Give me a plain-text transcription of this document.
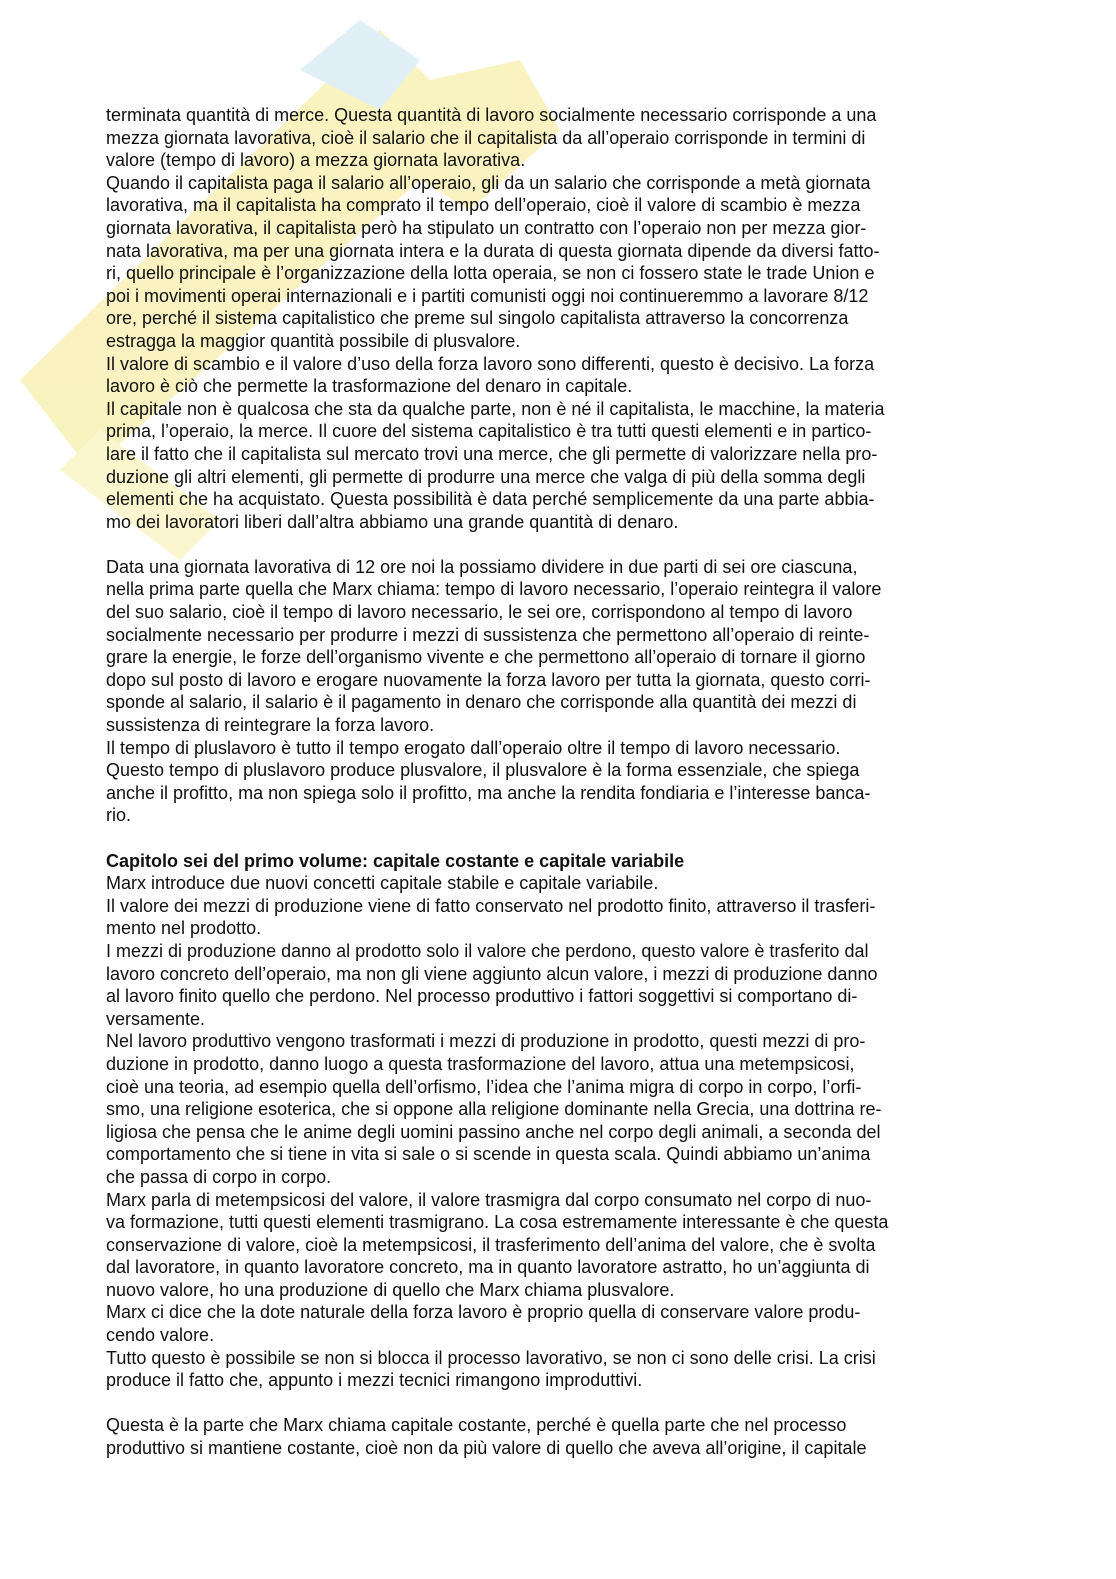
terminata quantità di merce. Questa quantità di lavoro socialmente necessario corrisponde a una
mezza giornata lavorativa, cioè il salario che il capitalista da all’operaio corrisponde in termini di
valore (tempo di lavoro) a mezza giornata lavorativa.
Quando il capitalista paga il salario all’operaio, gli da un salario che corrisponde a metà giornata
lavorativa, ma il capitalista ha comprato il tempo dell’operaio, cioè il valore di scambio è mezza
giornata lavorativa, il capitalista però ha stipulato un contratto con l’operaio non per mezza gior-
nata lavorativa, ma per una giornata intera e la durata di questa giornata dipende da diversi fatto-
ri, quello principale è l’organizzazione della lotta operaia, se non ci fossero state le trade Union e
poi i movimenti operai internazionali e i partiti comunisti oggi noi continueremmo a lavorare 8/12
ore, perché il sistema capitalistico che preme sul singolo capitalista attraverso la concorrenza
estragga la maggior quantità possibile di plusvalore.
Il valore di scambio e il valore d’uso della forza lavoro sono differenti, questo è decisivo. La forza
lavoro è ciò che permette la trasformazione del denaro in capitale.
Il capitale non è qualcosa che sta da qualche parte, non è né il capitalista, le macchine, la materia
prima, l’operaio, la merce. Il cuore del sistema capitalistico è tra tutti questi elementi e in partico-
lare il fatto che il capitalista sul mercato trovi una merce, che gli permette di valorizzare nella pro-
duzione gli altri elementi, gli permette di produrre una merce che valga di più della somma degli
elementi che ha acquistato. Questa possibilità è data perché semplicemente da una parte abbia-
mo dei lavoratori liberi dall’altra abbiamo una grande quantità di denaro.
Data una giornata lavorativa di 12 ore noi la possiamo dividere in due parti di sei ore ciascuna,
nella prima parte quella che Marx chiama: tempo di lavoro necessario, l’operaio reintegra il valore
del suo salario, cioè il tempo di lavoro necessario, le sei ore, corrispondono al tempo di lavoro
socialmente necessario per produrre i mezzi di sussistenza che permettono all’operaio di reinte-
grare la energie, le forze dell’organismo vivente e che permettono all’operaio di tornare il giorno
dopo sul posto di lavoro e erogare nuovamente la forza lavoro per tutta la giornata, questo corri-
sponde al salario, il salario è il pagamento in denaro che corrisponde alla quantità dei mezzi di
sussistenza di reintegrare la forza lavoro.
Il tempo di pluslavoro è tutto il tempo erogato dall’operaio oltre il tempo di lavoro necessario.
Questo tempo di pluslavoro produce plusvalore, il plusvalore è la forma essenziale, che spiega
anche il profitto, ma non spiega solo il profitto, ma anche la rendita fondiaria e l’interesse banca-
rio.
Capitolo sei del primo volume: capitale costante e capitale variabile
Marx introduce due nuovi concetti capitale stabile e capitale variabile.
Il valore dei mezzi di produzione viene di fatto conservato nel prodotto finito, attraverso il trasferi-
mento nel prodotto.
I mezzi di produzione danno al prodotto solo il valore che perdono, questo valore è trasferito dal
lavoro concreto dell’operaio, ma non gli viene aggiunto alcun valore, i mezzi di produzione danno
al lavoro finito quello che perdono. Nel processo produttivo i fattori soggettivi si comportano di-
versamente.
Nel lavoro produttivo vengono trasformati i mezzi di produzione in prodotto, questi mezzi di pro-
duzione in prodotto, danno luogo a questa trasformazione del lavoro, attua una metempsicosi,
cioè una teoria, ad esempio quella dell’orfismo, l’idea che l’anima migra di corpo in corpo, l’orfi-
smo, una religione esoterica, che si oppone alla religione dominante nella Grecia, una dottrina re-
ligiosa che pensa che le anime degli uomini passino anche nel corpo degli animali, a seconda del
comportamento che si tiene in vita si sale o si scende in questa scala. Quindi abbiamo un’anima
che passa di corpo in corpo.
Marx parla di metempsicosi del valore, il valore trasmigra dal corpo consumato nel corpo di nuo-
va formazione, tutti questi elementi trasmigrano. La cosa estremamente interessante è che questa
conservazione di valore, cioè la metempsicosi, il trasferimento dell’anima del valore, che è svolta
dal lavoratore, in quanto lavoratore concreto, ma in quanto lavoratore astratto, ho un’aggiunta di
nuovo valore, ho una produzione di quello che Marx chiama plusvalore.
Marx ci dice che la dote naturale della forza lavoro è proprio quella di conservare valore produ-
cendo valore.
Tutto questo è possibile se non si blocca il processo lavorativo, se non ci sono delle crisi. La crisi
produce il fatto che, appunto i mezzi tecnici rimangono improduttivi.
Questa è la parte che Marx chiama capitale costante, perché è quella parte che nel processo
produttivo si mantiene costante, cioè non da più valore di quello che aveva all’origine, il capitale
